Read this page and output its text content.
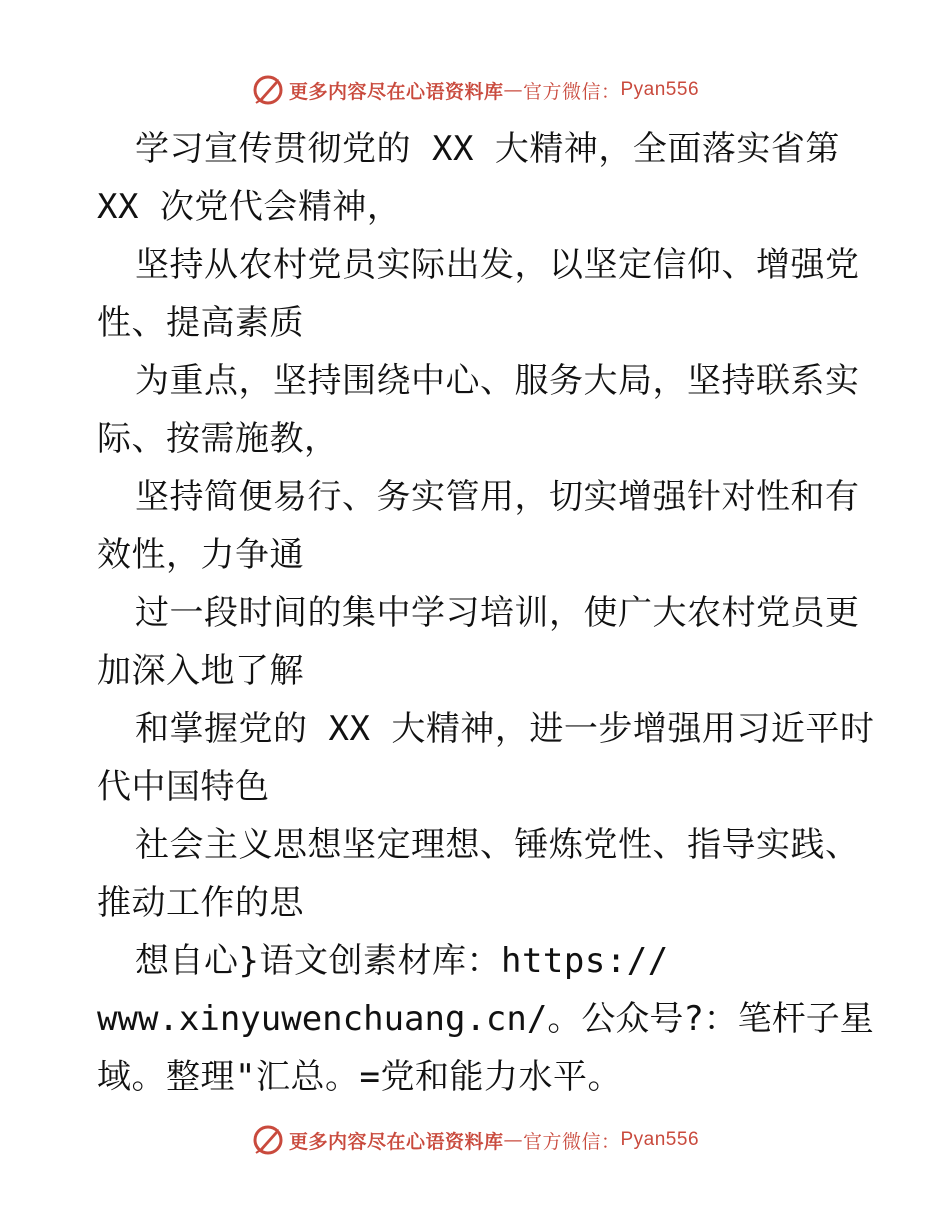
更多内容尽在心语资料库 — 官方微信： Pyan556
学习宣传贯彻党的 XX 大精神，全面落实省第
XX 次党代会精神，
坚持从农村党员实际出发，以坚定信仰、增强党
性、提高素质
为重点，坚持围绕中心、服务大局，坚持联系实
际、按需施教，
坚持简便易行、务实管用，切实增强针对性和有
效性，力争通
过一段时间的集中学习培训，使广大农村党员更
加深入地了解
和掌握党的 XX 大精神，进一步增强用习近平时
代中国特色
社会主义思想坚定理想、锤炼党性、指导实践、
推动工作的思
想自心}语文创素材库：https://
www.xinyuwenchuang.cn/。公众号?：笔杆子星
域。整理"汇总。=党和能力水平。
更多内容尽在心语资料库 — 官方微信： Pyan556
